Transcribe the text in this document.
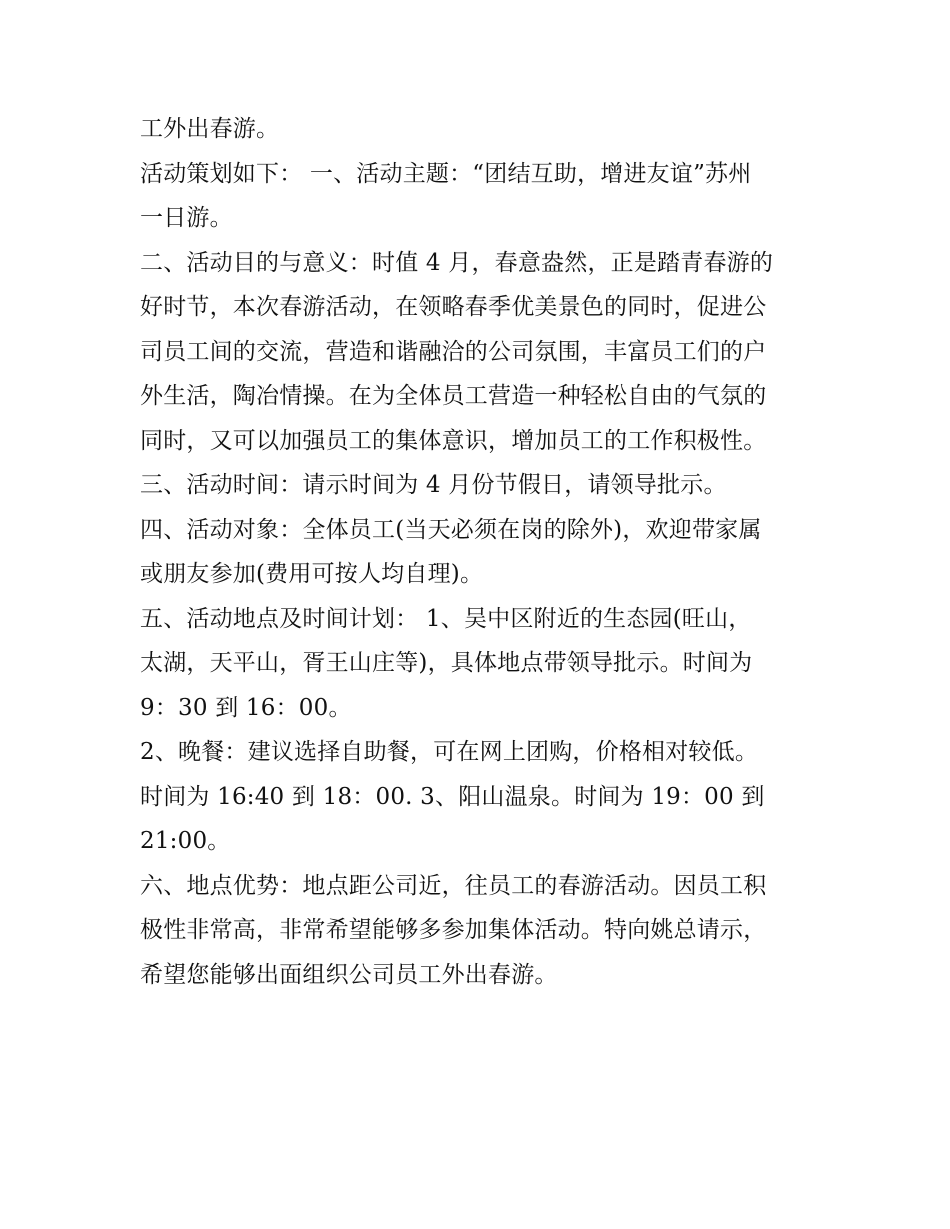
工外出春游。
活动策划如下： 一、活动主题：“团结互助，增进友谊”苏州
一日游。
二、活动目的与意义：时值 4 月，春意盎然，正是踏青春游的
好时节，本次春游活动，在领略春季优美景色的同时，促进公
司员工间的交流，营造和谐融洽的公司氛围，丰富员工们的户
外生活，陶冶情操。在为全体员工营造一种轻松自由的气氛的
同时，又可以加强员工的集体意识，增加员工的工作积极性。
三、活动时间：请示时间为 4 月份节假日，请领导批示。
四、活动对象：全体员工(当天必须在岗的除外)，欢迎带家属
或朋友参加(费用可按人均自理)。
五、活动地点及时间计划： 1、吴中区附近的生态园(旺山，
太湖，天平山，胥王山庄等)，具体地点带领导批示。时间为
9：30 到 16：00。
2、晚餐：建议选择自助餐，可在网上团购，价格相对较低。
时间为 16:40 到 18：00. 3、阳山温泉。时间为 19：00 到
21:00。
六、地点优势：地点距公司近，往员工的春游活动。因员工积
极性非常高，非常希望能够多参加集体活动。特向姚总请示，
希望您能够出面组织公司员工外出春游。
